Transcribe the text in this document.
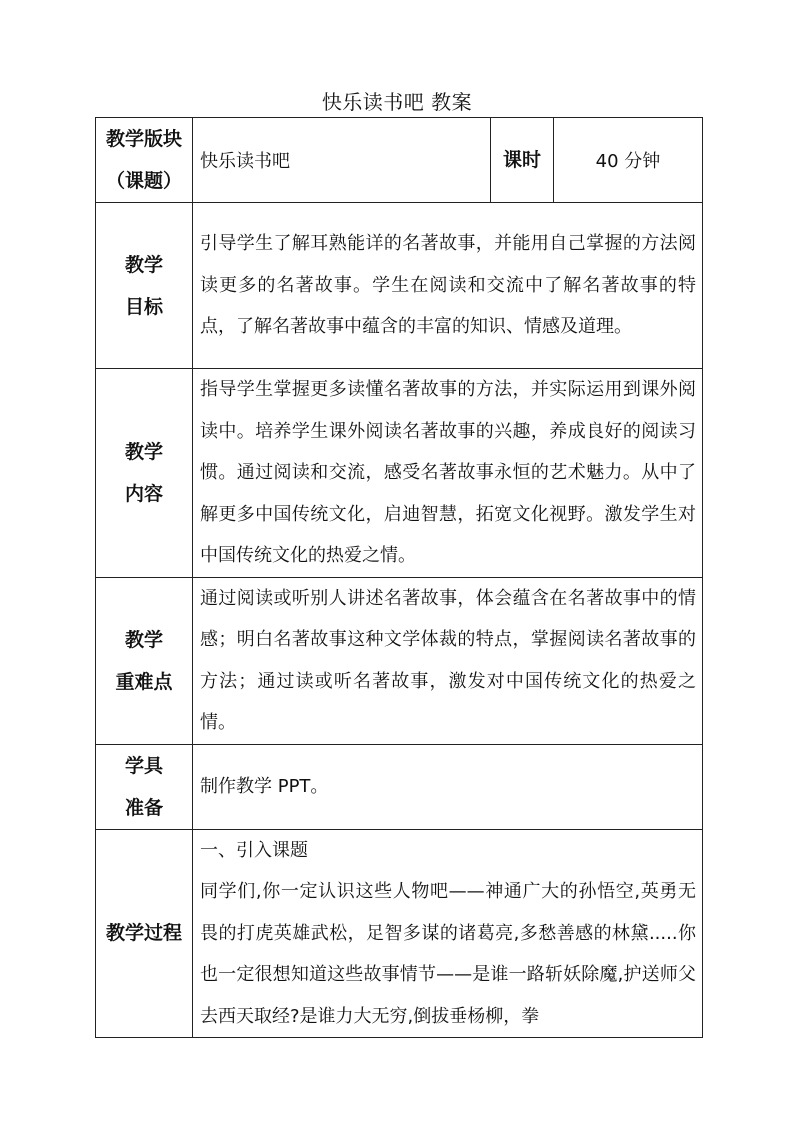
快乐读书吧 教案
教学版块
（课题）	快乐读书吧	课时	40 分钟

教学
目标	引导学生了解耳熟能详的名著故事，并能用自己掌握的方法阅读更多的名著故事。学生在阅读和交流中了解名著故事的特点，了解名著故事中蕴含的丰富的知识、情感及道理。		

教学
内容	指导学生掌握更多读懂名著故事的方法，并实际运用到课外阅读中。培养学生课外阅读名著故事的兴趣，养成良好的阅读习惯。通过阅读和交流，感受名著故事永恒的艺术魅力。从中了解更多中国传统文化，启迪智慧，拓宽文化视野。激发学生对中国传统文化的热爱之情。		

教学
重难点	通过阅读或听别人讲述名著故事，体会蕴含在名著故事中的情感；明白名著故事这种文学体裁的特点，掌握阅读名著故事的方法；通过读或听名著故事，激发对中国传统文化的热爱之情。		

学具
准备	制作教学 PPT。		
教学过程	一、引入课题
同学们,你一定认识这些人物吧——神通广大的孙悟空,英勇无畏的打虎英雄武松，足智多谋的诸葛亮,多愁善感的林黛.....你也一定很想知道这些故事情节——是谁一路斩妖除魔,护送师父去西天取经?是谁力大无穷,倒拔垂杨柳，拳		
